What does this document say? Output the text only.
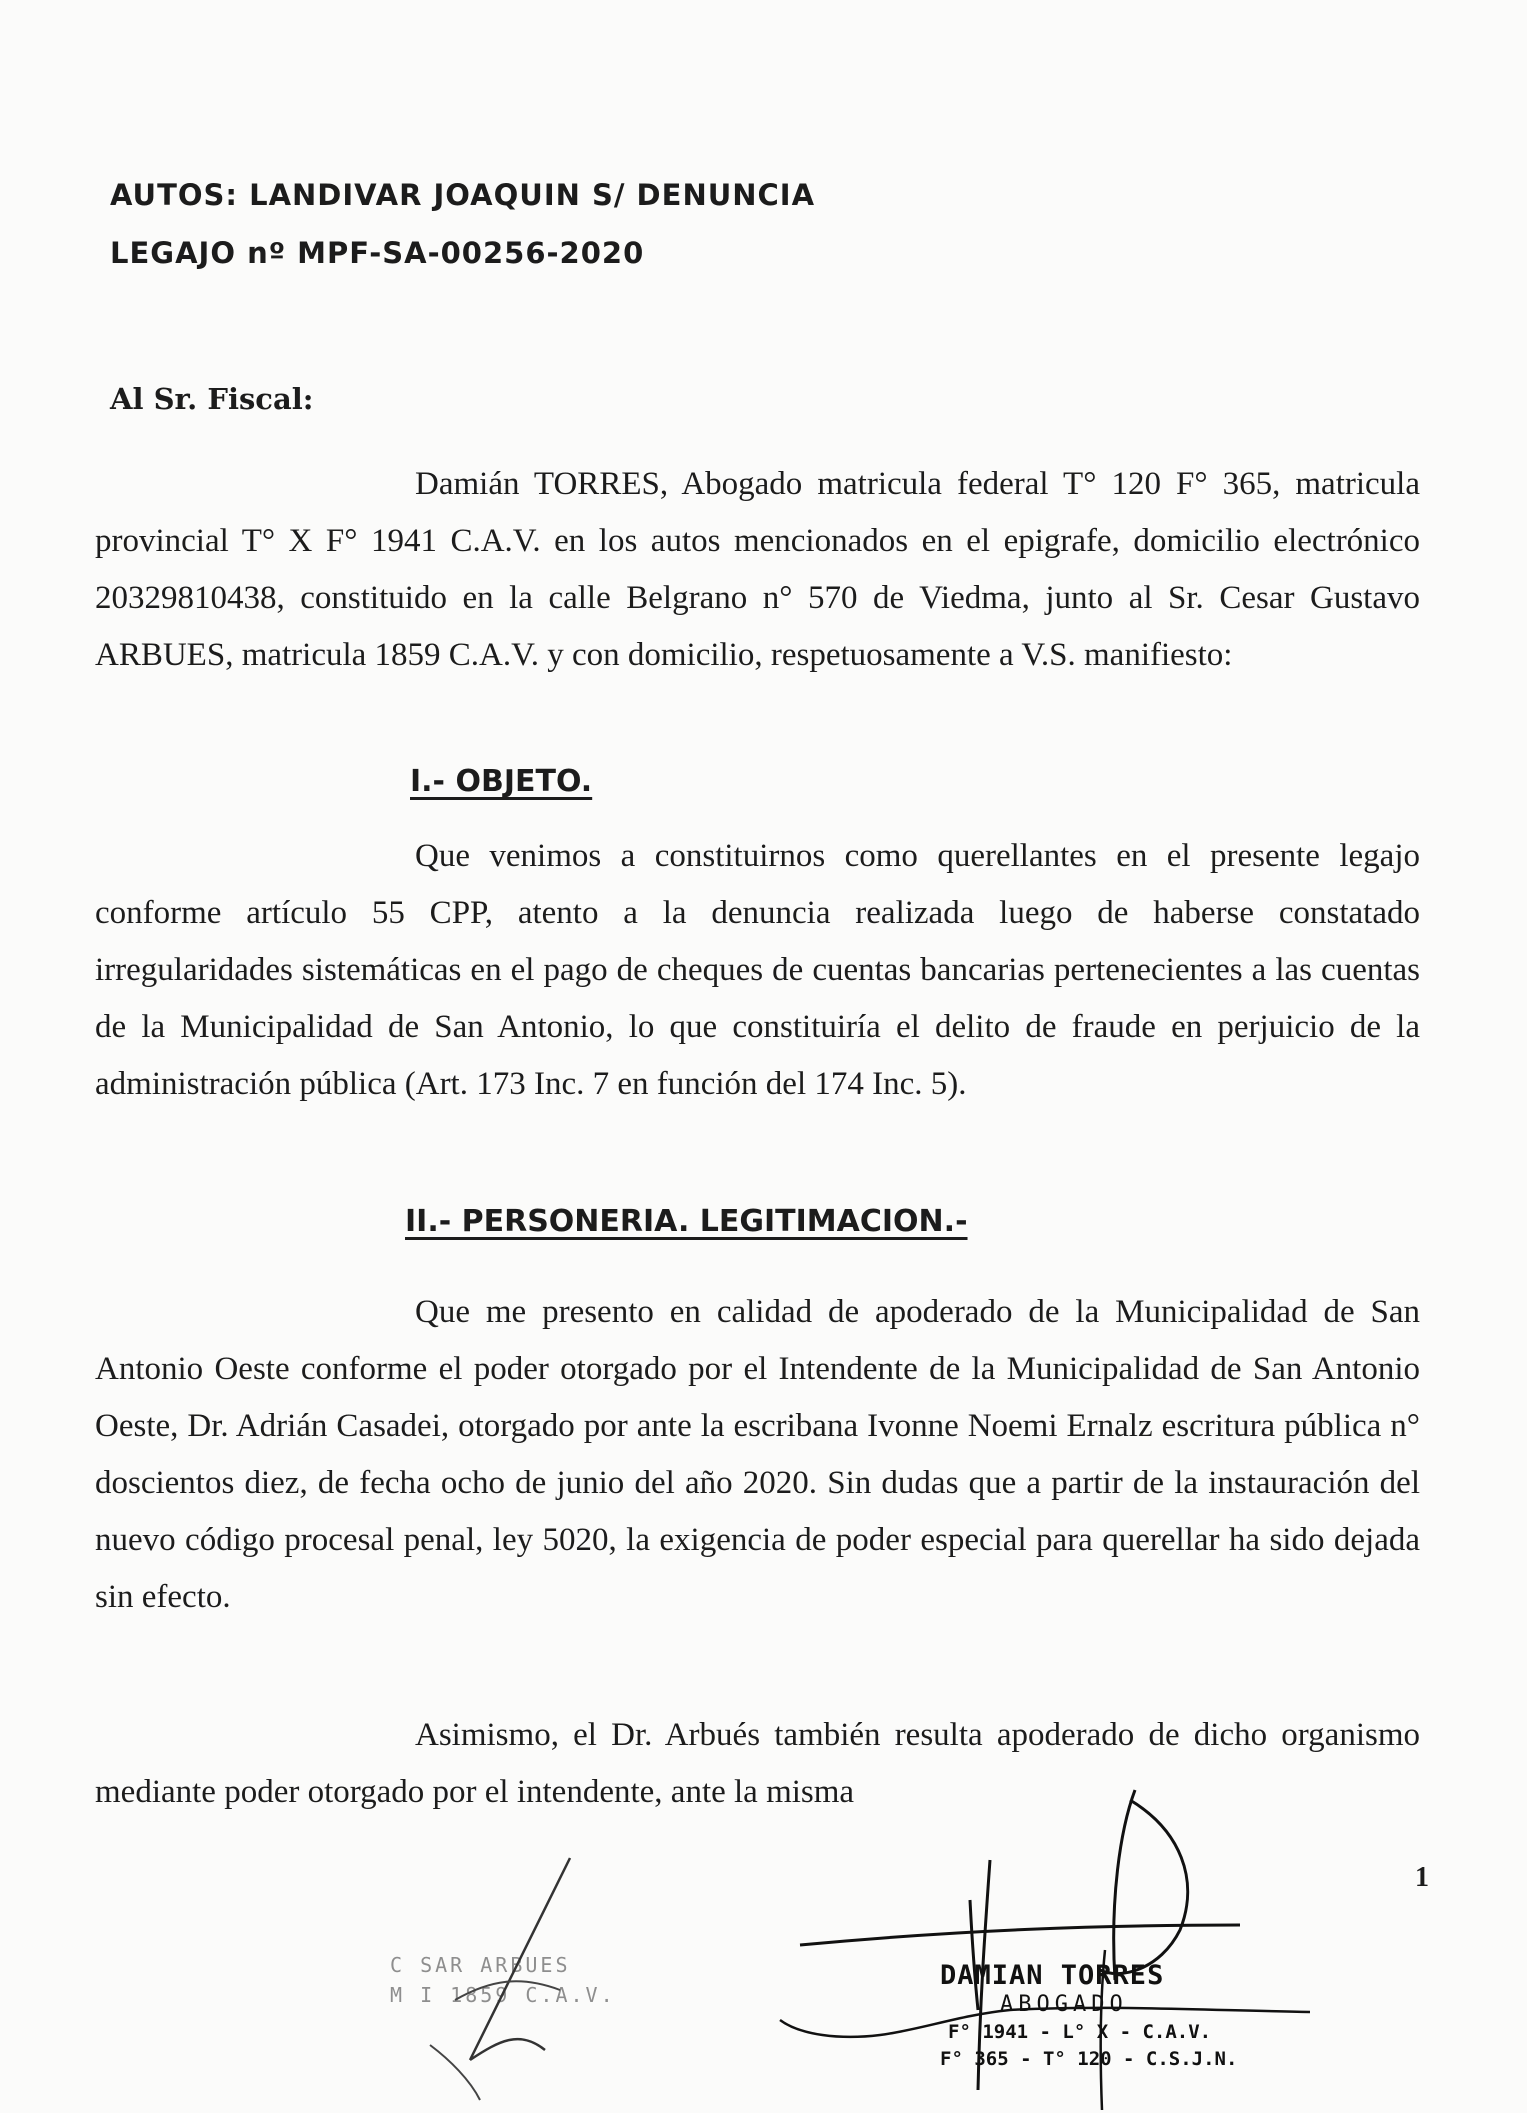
AUTOS: LANDIVAR JOAQUIN S/ DENUNCIA
LEGAJO nº MPF-SA-00256-2020
Al Sr. Fiscal:

Damián TORRES, Abogado matricula federal T° 120 F° 365, matricula provincial T° X F° 1941 C.A.V. en los autos mencionados en el epigrafe, domicilio electrónico 20329810438, constituido en la calle Belgrano n° 570 de Viedma, junto al Sr. Cesar Gustavo ARBUES, matricula 1859 C.A.V. y con domicilio, respetuosamente a V.S. manifiesto:

I.- OBJETO.

Que venimos a constituirnos como querellantes en el presente legajo conforme artículo 55 CPP, atento a la denuncia realizada luego de haberse constatado irregularidades sistemáticas en el pago de cheques de cuentas bancarias pertenecientes a las cuentas de la Municipalidad de San Antonio, lo que constituiría el delito de fraude en perjuicio de la administración pública (Art. 173 Inc. 7 en función del 174 Inc. 5).

II.- PERSONERIA. LEGITIMACION.-

Que me presento en calidad de apoderado de la Municipalidad de San Antonio Oeste conforme el poder otorgado por el Intendente de la Municipalidad de San Antonio Oeste, Dr. Adrián Casadei, otorgado por ante la escribana Ivonne Noemi Ernalz escritura pública n° doscientos diez, de fecha ocho de junio del año 2020. Sin dudas que a partir de la instauración del nuevo código procesal penal, ley 5020, la exigencia de poder especial para querellar ha sido dejada sin efecto.

Asimismo, el Dr. Arbués también resulta apoderado de dicho organismo mediante poder otorgado por el intendente, ante la misma

1
C SAR ARBUES
M I 1859 C.A.V.
DAMIAN TORRES
ABOGADO
F° 1941 - L° X - C.A.V.
F° 365 - T° 120 - C.S.J.N.
